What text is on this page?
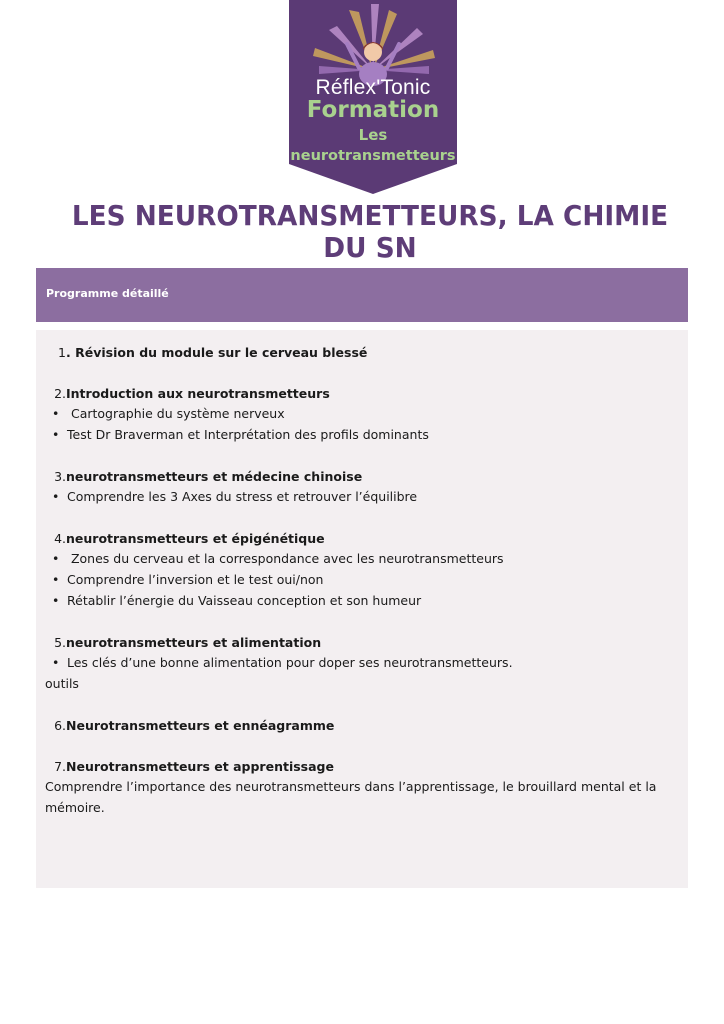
Réflex'Tonic
Formation
Les
neurotransmetteurs
LES NEUROTRANSMETTEURS, LA CHIMIE DU SN
Programme détaillé
1 . Révision du module sur le cerveau blessé
2. Introduction aux neurotransmetteurs
• Cartographie du système nerveux
• Test Dr Braverman et Interprétation des profils dominants
3. neurotransmetteurs et médecine chinoise
• Comprendre les 3 Axes du stress et retrouver l’équilibre
4. neurotransmetteurs et épigénétique
• Zones du cerveau et la correspondance avec les neurotransmetteurs
• Comprendre l’inversion et le test oui/non
• Rétablir l’énergie du Vaisseau conception et son humeur
5. neurotransmetteurs et alimentation
• Les clés d’une bonne alimentation pour doper ses neurotransmetteurs.
outils
6. Neurotransmetteurs et ennéagramme
7. Neurotransmetteurs et apprentissage
Comprendre l’importance des neurotransmetteurs dans l’apprentissage, le brouillard mental et la mémoire.
